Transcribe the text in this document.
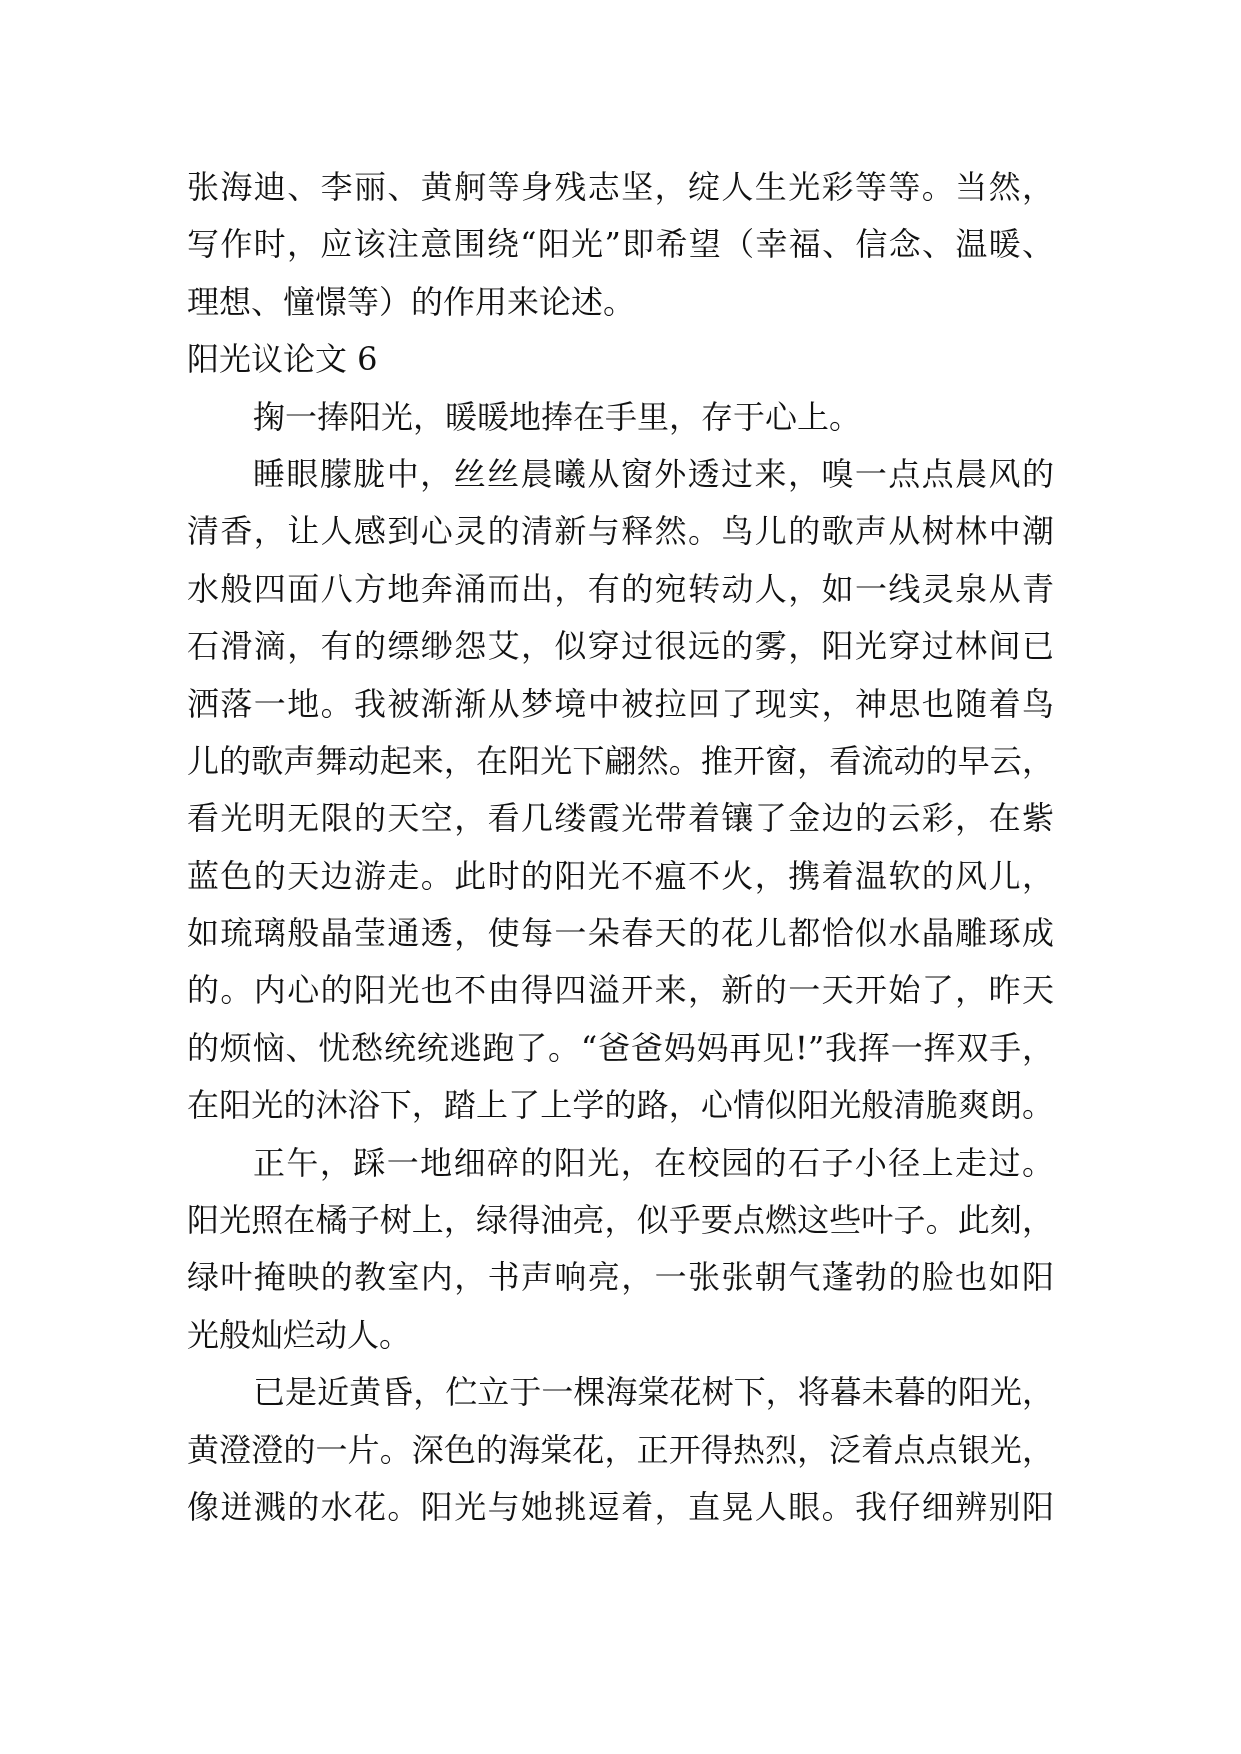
张海迪、李丽、黄舸等身残志坚，绽人生光彩等等。当然，
写作时，应该注意围绕“阳光”即希望（幸福、信念、温暖、
理想、憧憬等）的作用来论述。
阳光议论文 6
掬一捧阳光，暖暖地捧在手里，存于心上。
睡眼朦胧中，丝丝晨曦从窗外透过来，嗅一点点晨风的
清香，让人感到心灵的清新与释然。鸟儿的歌声从树林中潮
水般四面八方地奔涌而出，有的宛转动人，如一线灵泉从青
石滑滴，有的缥缈怨艾，似穿过很远的雾，阳光穿过林间已
洒落一地。我被渐渐从梦境中被拉回了现实，神思也随着鸟
儿的歌声舞动起来，在阳光下翩然。推开窗，看流动的早云，
看光明无限的天空，看几缕霞光带着镶了金边的云彩，在紫
蓝色的天边游走。此时的阳光不瘟不火，携着温软的风儿，
如琉璃般晶莹通透，使每一朵春天的花儿都恰似水晶雕琢成
的。内心的阳光也不由得四溢开来，新的一天开始了，昨天
的烦恼、忧愁统统逃跑了。“爸爸妈妈再见!”我挥一挥双手，
在阳光的沐浴下，踏上了上学的路，心情似阳光般清脆爽朗。
正午，踩一地细碎的阳光，在校园的石子小径上走过。
阳光照在橘子树上，绿得油亮，似乎要点燃这些叶子。此刻，
绿叶掩映的教室内，书声响亮，一张张朝气蓬勃的脸也如阳
光般灿烂动人。
已是近黄昏，伫立于一棵海棠花树下，将暮未暮的阳光，
黄澄澄的一片。深色的海棠花，正开得热烈，泛着点点银光，
像迸溅的水花。阳光与她挑逗着，直晃人眼。我仔细辨别阳
